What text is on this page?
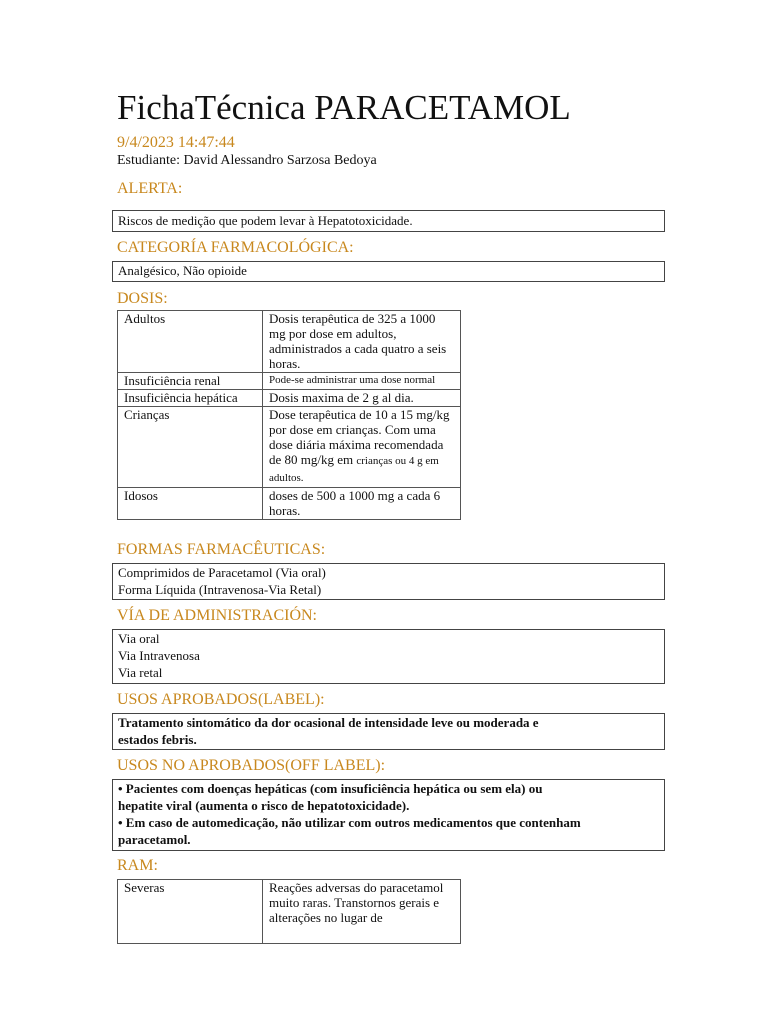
FichaTécnica PARACETAMOL
9/4/2023 14:47:44
Estudiante: David Alessandro Sarzosa Bedoya
ALERTA:
Riscos de medição que podem levar à Hepatotoxicidade.
CATEGORÍA FARMACOLÓGICA:
Analgésico, Não opioide
DOSIS:
Adultos	Dosis terapêutica de 325 a 1000 mg por dose em adultos, administrados a cada quatro a seis horas.
Insuficiência renal	Pode-se administrar uma dose normal
Insuficiência hepática	Dosis maxima de 2 g al dia.
Crianças	Dose terapêutica de 10 a 15 mg/kg por dose em crianças. Com uma dose diária máxima recomendada de 80 mg/kg em crianças ou 4 g em adultos.
Idosos	doses de 500 a 1000 mg a cada 6 horas.
FORMAS FARMACÊUTICAS:
Comprimidos de Paracetamol (Via oral)
Forma Líquida (Intravenosa-Via Retal)
VÍA DE ADMINISTRACIÓN:
Via oral
Via Intravenosa
Via retal
USOS APROBADOS(LABEL):
Tratamento sintomático da dor ocasional de intensidade leve ou moderada e
estados febris.
USOS NO APROBADOS(OFF LABEL):
• Pacientes com doenças hepáticas (com insuficiência hepática ou sem ela) ou
hepatite viral (aumenta o risco de hepatotoxicidade).
• Em caso de automedicação, não utilizar com outros medicamentos que contenham
paracetamol.
RAM:
Severas	Reações adversas do paracetamol muito raras. Transtornos gerais e alterações no lugar de
